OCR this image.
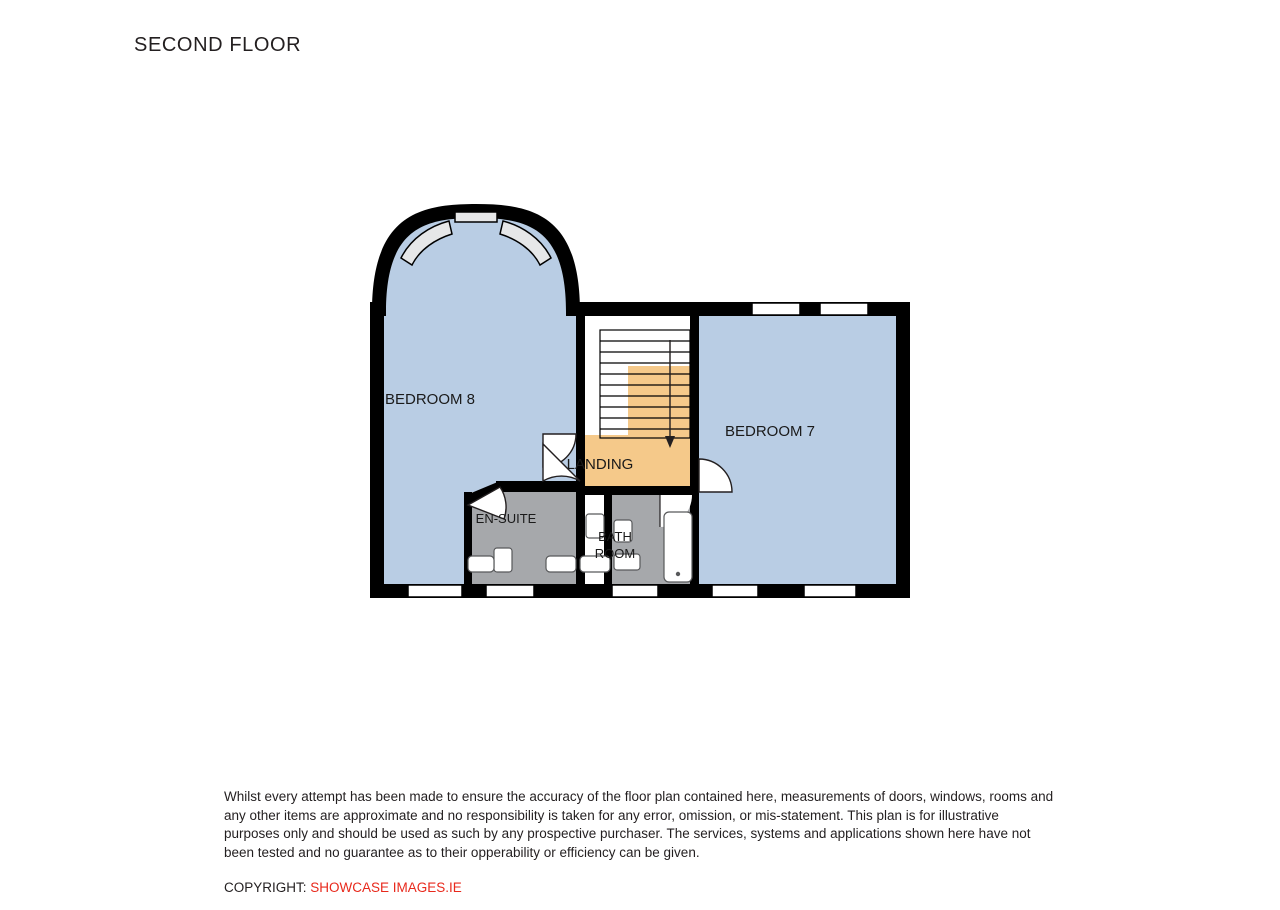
SECOND FLOOR
BEDROOM 8
BEDROOM 7
LANDING
EN-SUITE
BATH ROOM
Whilst every attempt has been made to ensure the accuracy of the floor plan contained here, measurements of doors, windows, rooms and any other items are approximate and no responsibility is taken for any error, omission, or mis-statement. This plan is for illustrative purposes only and should be used as such by any prospective purchaser. The services, systems and applications shown here have not been tested and no guarantee as to their opperability or efficiency can be given.
COPYRIGHT: SHOWCASE IMAGES.IE
